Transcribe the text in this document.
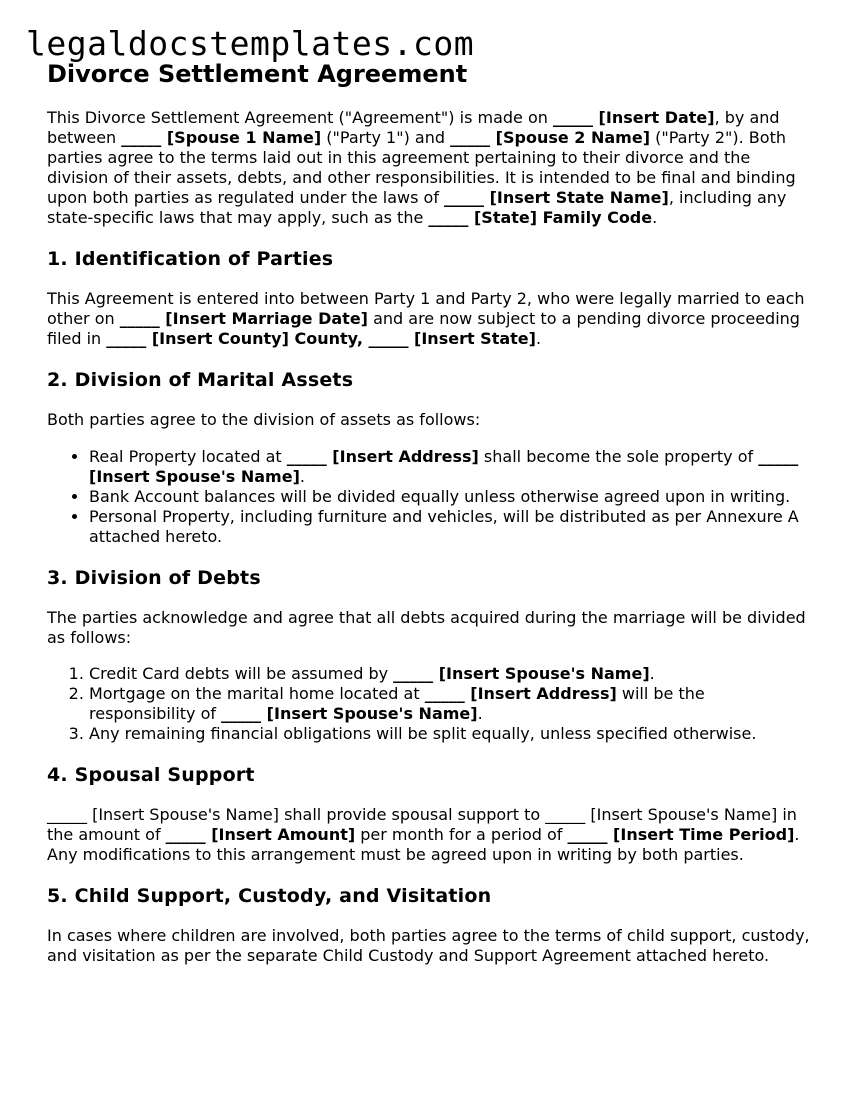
legaldocstemplates.com
Divorce Settlement Agreement

This Divorce Settlement Agreement ("Agreement") is made on _____ [Insert Date], by and between _____ [Spouse 1 Name] ("Party 1") and _____ [Spouse 2 Name] ("Party 2"). Both parties agree to the terms laid out in this agreement pertaining to their divorce and the division of their assets, debts, and other responsibilities. It is intended to be final and binding upon both parties as regulated under the laws of _____ [Insert State Name], including any state-specific laws that may apply, such as the _____ [State] Family Code.

1. Identification of Parties

This Agreement is entered into between Party 1 and Party 2, who were legally married to each other on _____ [Insert Marriage Date] and are now subject to a pending divorce proceeding filed in _____ [Insert County] County, _____ [Insert State].

2. Division of Marital Assets

Both parties agree to the division of assets as follows:

• Real Property located at _____ [Insert Address] shall become the sole property of _____ [Insert Spouse's Name].
• Bank Account balances will be divided equally unless otherwise agreed upon in writing.
• Personal Property, including furniture and vehicles, will be distributed as per Annexure A attached hereto.
3. Division of Debts

The parties acknowledge and agree that all debts acquired during the marriage will be divided as follows:

1. Credit Card debts will be assumed by _____ [Insert Spouse's Name].
2. Mortgage on the marital home located at _____ [Insert Address] will be the responsibility of _____ [Insert Spouse's Name].
3. Any remaining financial obligations will be split equally, unless specified otherwise.
4. Spousal Support

_____ [Insert Spouse's Name] shall provide spousal support to _____ [Insert Spouse's Name] in the amount of _____ [Insert Amount] per month for a period of _____ [Insert Time Period]. Any modifications to this arrangement must be agreed upon in writing by both parties.

5. Child Support, Custody, and Visitation

In cases where children are involved, both parties agree to the terms of child support, custody, and visitation as per the separate Child Custody and Support Agreement attached hereto.
